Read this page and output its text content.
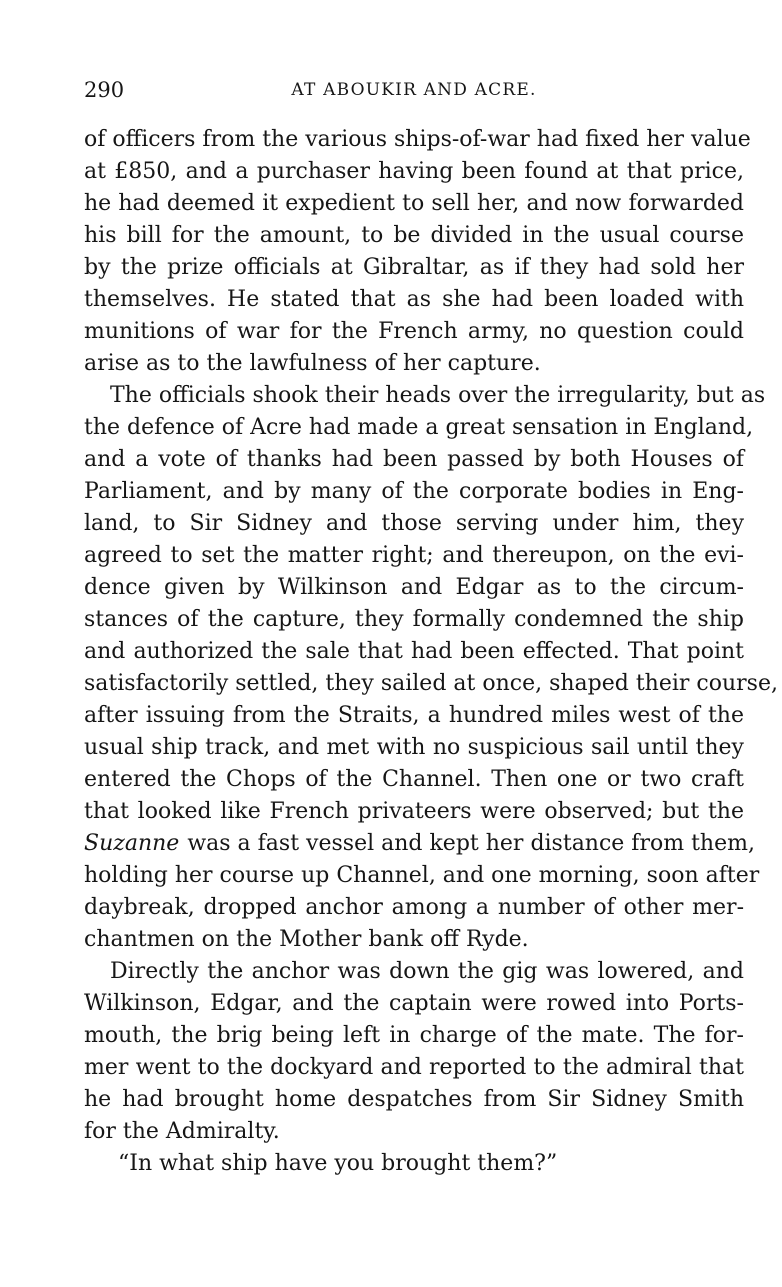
290	AT ABOUKIR AND ACRE.
of officers from the various ships-of-war had fixed her value
at £850, and a purchaser having been found at that price,
he had deemed it expedient to sell her, and now forwarded
his bill for the amount, to be divided in the usual course
by the prize officials at Gibraltar, as if they had sold her
themselves. He stated that as she had been loaded with
munitions of war for the French army, no question could
arise as to the lawfulness of her capture.
The officials shook their heads over the irregularity, but as
the defence of Acre had made a great sensation in England,
and a vote of thanks had been passed by both Houses of
Parliament, and by many of the corporate bodies in Eng-
land, to Sir Sidney and those serving under him, they
agreed to set the matter right; and thereupon, on the evi-
dence given by Wilkinson and Edgar as to the circum-
stances of the capture, they formally condemned the ship
and authorized the sale that had been effected. That point
satisfactorily settled, they sailed at once, shaped their course,
after issuing from the Straits, a hundred miles west of the
usual ship track, and met with no suspicious sail until they
entered the Chops of the Channel. Then one or two craft
that looked like French privateers were observed; but the
Suzanne was a fast vessel and kept her distance from them,
holding her course up Channel, and one morning, soon after
daybreak, dropped anchor among a number of other mer-
chantmen on the Mother bank off Ryde.
Directly the anchor was down the gig was lowered, and
Wilkinson, Edgar, and the captain were rowed into Ports-
mouth, the brig being left in charge of the mate. The for-
mer went to the dockyard and reported to the admiral that
he had brought home despatches from Sir Sidney Smith
for the Admiralty.
“In what ship have you brought them?”
